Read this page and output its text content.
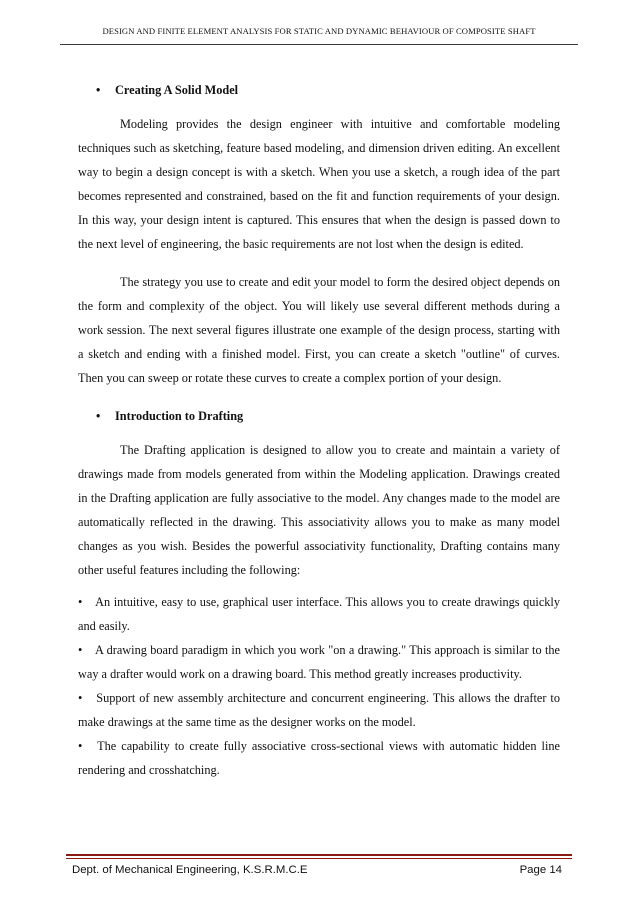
DESIGN AND FINITE ELEMENT ANALYSIS FOR STATIC AND DYNAMIC BEHAVIOUR OF COMPOSITE SHAFT
• Creating A Solid Model

Modeling provides the design engineer with intuitive and comfortable modeling techniques such as sketching, feature based modeling, and dimension driven editing. An excellent way to begin a design concept is with a sketch. When you use a sketch, a rough idea of the part becomes represented and constrained, based on the fit and function requirements of your design. In this way, your design intent is captured. This ensures that when the design is passed down to the next level of engineering, the basic requirements are not lost when the design is edited.

The strategy you use to create and edit your model to form the desired object depends on the form and complexity of the object. You will likely use several different methods during a work session. The next several figures illustrate one example of the design process, starting with a sketch and ending with a finished model. First, you can create a sketch "outline" of curves. Then you can sweep or rotate these curves to create a complex portion of your design.

• Introduction to Drafting

The Drafting application is designed to allow you to create and maintain a variety of drawings made from models generated from within the Modeling application. Drawings created in the Drafting application are fully associative to the model. Any changes made to the model are automatically reflected in the drawing. This associativity allows you to make as many model changes as you wish. Besides the powerful associativity functionality, Drafting contains many other useful features including the following:

• An intuitive, easy to use, graphical user interface. This allows you to create drawings quickly and easily.

• A drawing board paradigm in which you work "on a drawing." This approach is similar to the way a drafter would work on a drawing board. This method greatly increases productivity.

• Support of new assembly architecture and concurrent engineering. This allows the drafter to make drawings at the same time as the designer works on the model.

• The capability to create fully associative cross-sectional views with automatic hidden line rendering and crosshatching.

Dept. of Mechanical Engineering, K.S.R.M.C.E	Page 14
